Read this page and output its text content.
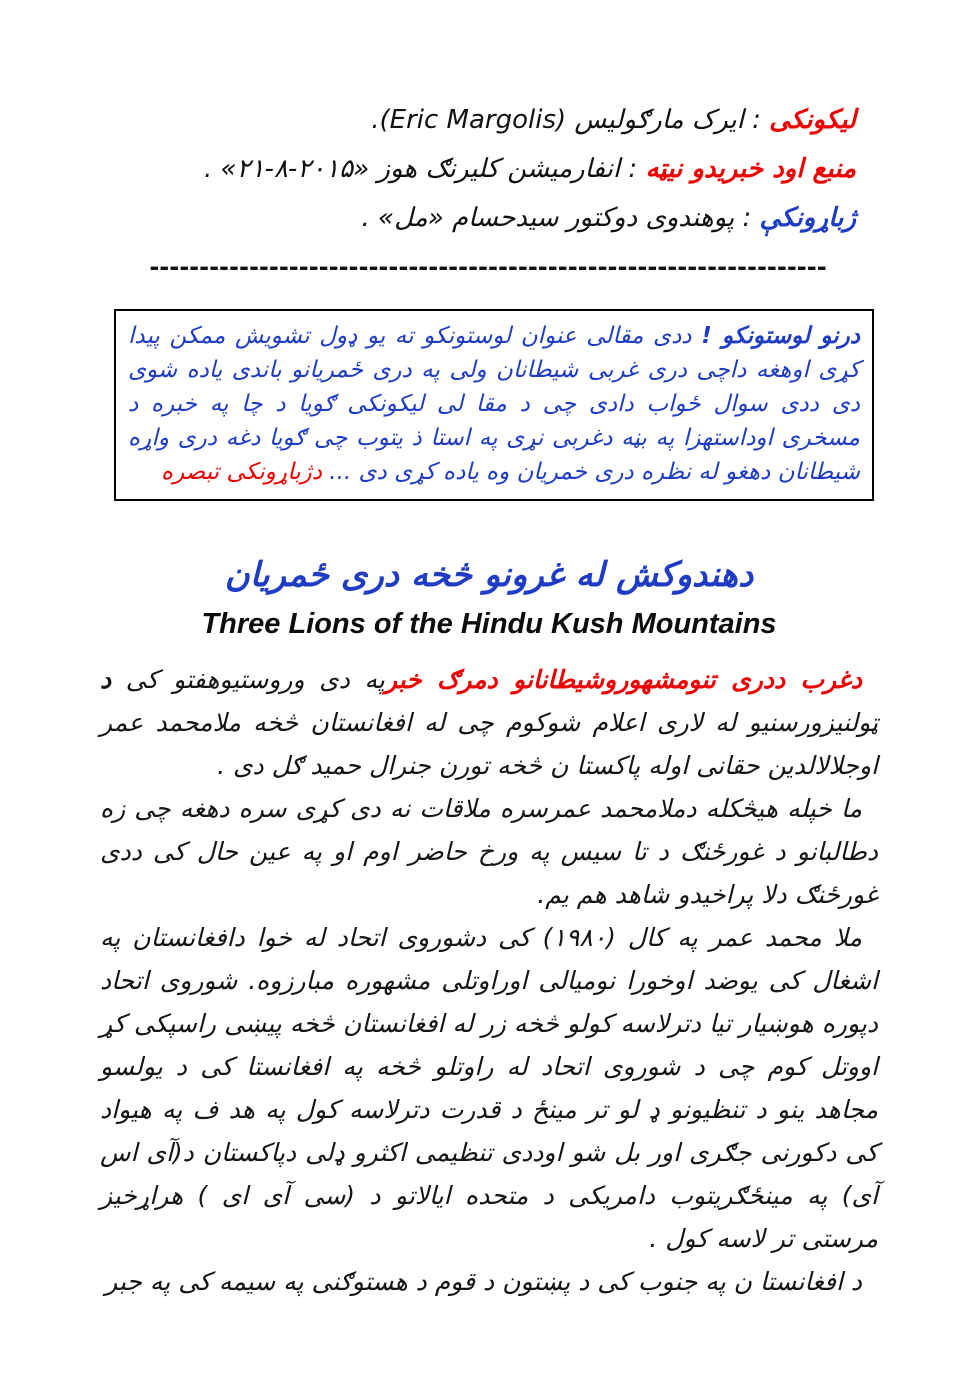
لیکونکی : ایرک مارګولیس (Eric Margolis).
منبع اود خبریدو نیټه : انفارمیشن کلیرنګ هوز «۲۰۱۵-۸-۲۱» .
ژباړونکې : پوهندوی دوکتور سیدحسام «مل» .
--------------------------------------------------------------------
درنو لوستونکو ! ددی مقالی عنوان لوستونکو ته یو ډول تشویش ممکن پیدا کړی اوهغه داچی دری غربی شیطانان ولی په دری ځمریانو باندی یاده شوی دی ددی سوال ځواب دادی چی د مقا لی لیکونکی ګویا د چا په خبره د مسخری اوداستهزا په بڼه دغربی نړی په استا ذ یتوب چی ګویا دغه دری واړه شیطانان دهغو له نظره دری خمریان وه یاده کړی دی ... دژباړونکی تبصره
دهندوکش له غرونو څخه دری ځمریان
Three Lions of the Hindu Kush Mountains

دغرب ددری تنومشهوروشیطانانو دمرګ خبرپه دی وروستیوهفتو کی د ټولنیزورسنیو له لاری اعلام شوکوم چی له افغانستان څخه ملامحمد عمر اوجلالالدین حقانی اوله پاکستا ن څخه تورن جنرال حمید ګل دی .

ما خپله هیڅکله دملامحمد عمرسره ملاقات نه دی کړی سره دهغه چی زه دطالبانو د غورځنګ د تا سیس په ورخ حاضر اوم او په عین حال کی ددی غورځنګ دلا پراخیدو شاهد هم یم.

ملا محمد عمر په کال (۱۹۸۰) کی دشوروی اتحاد له خوا دافغانستان په اشغال کی یوضد اوخورا نومیالی اوراوتلی مشهوره مبارزوه. شوروی اتحاد دپوره هوښیار تیا دترلاسه کولو څخه زر له افغانستان څخه پیښی راسپکی کړ اووتل کوم چی د شوروی اتحاد له راوتلو څخه په افغانستا کی د یولسو مجاهد ینو د تنظیونو ډ لو تر مینځ د قدرت دترلاسه کول په هد ف په هیواد کی دکورنی جګری اور بل شو اوددی تنظیمی اکثرو ډلی دپاکستان د(آی اس آی) په مینځګریتوب دامریکی د متحده ایالاتو د (سی آی ای ) هراړخیز مرستی تر لاسه کول .

د افغانستا ن په جنوب کی د پښتون د قوم د هستوګنی په سیمه کی په جبر
